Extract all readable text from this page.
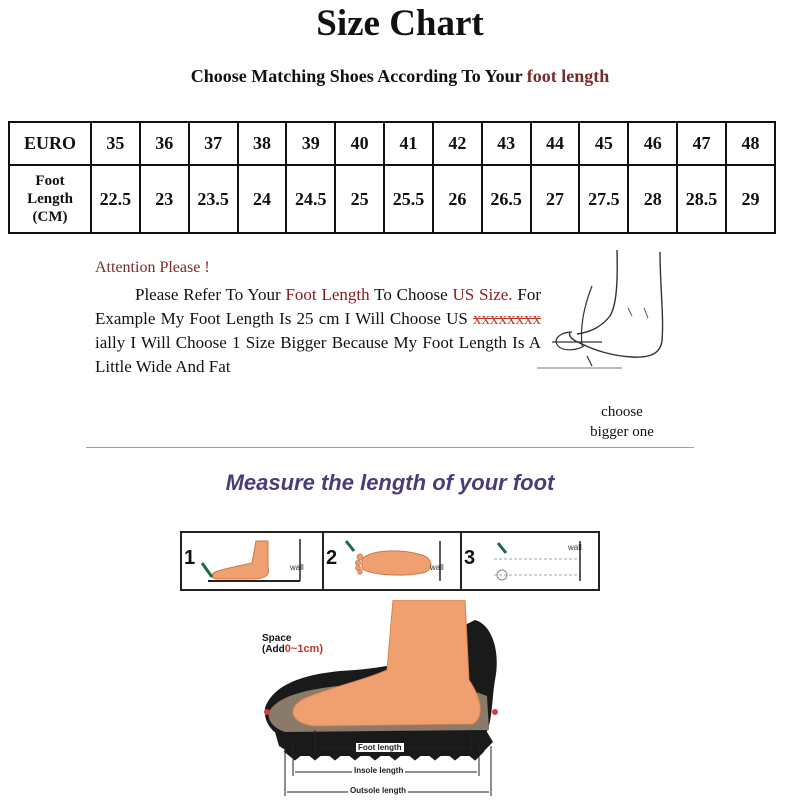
Size Chart
Choose Matching Shoes According To Your foot length
EURO	35	36	37	38	39	40	41	42	43	44	45	46	47	48

Foot
Length
(CM)	22.5	23	23.5	24	24.5	25	25.5	26	26.5	27	27.5	28	28.5	29
Attention Please !
Please Refer To Your Foot Length To Choose US Size. For Example My Foot Length Is 25 cm I Will Choose US xxxxxxxx ially I Will Choose 1 Size Bigger Because My Foot Length Is A Little Wide And Fat
choose
bigger one
Measure the length of your foot
1	wall 2	wall 3	wall
Space
(Add0~1cm)
Foot length
Insole length
Outsole length
